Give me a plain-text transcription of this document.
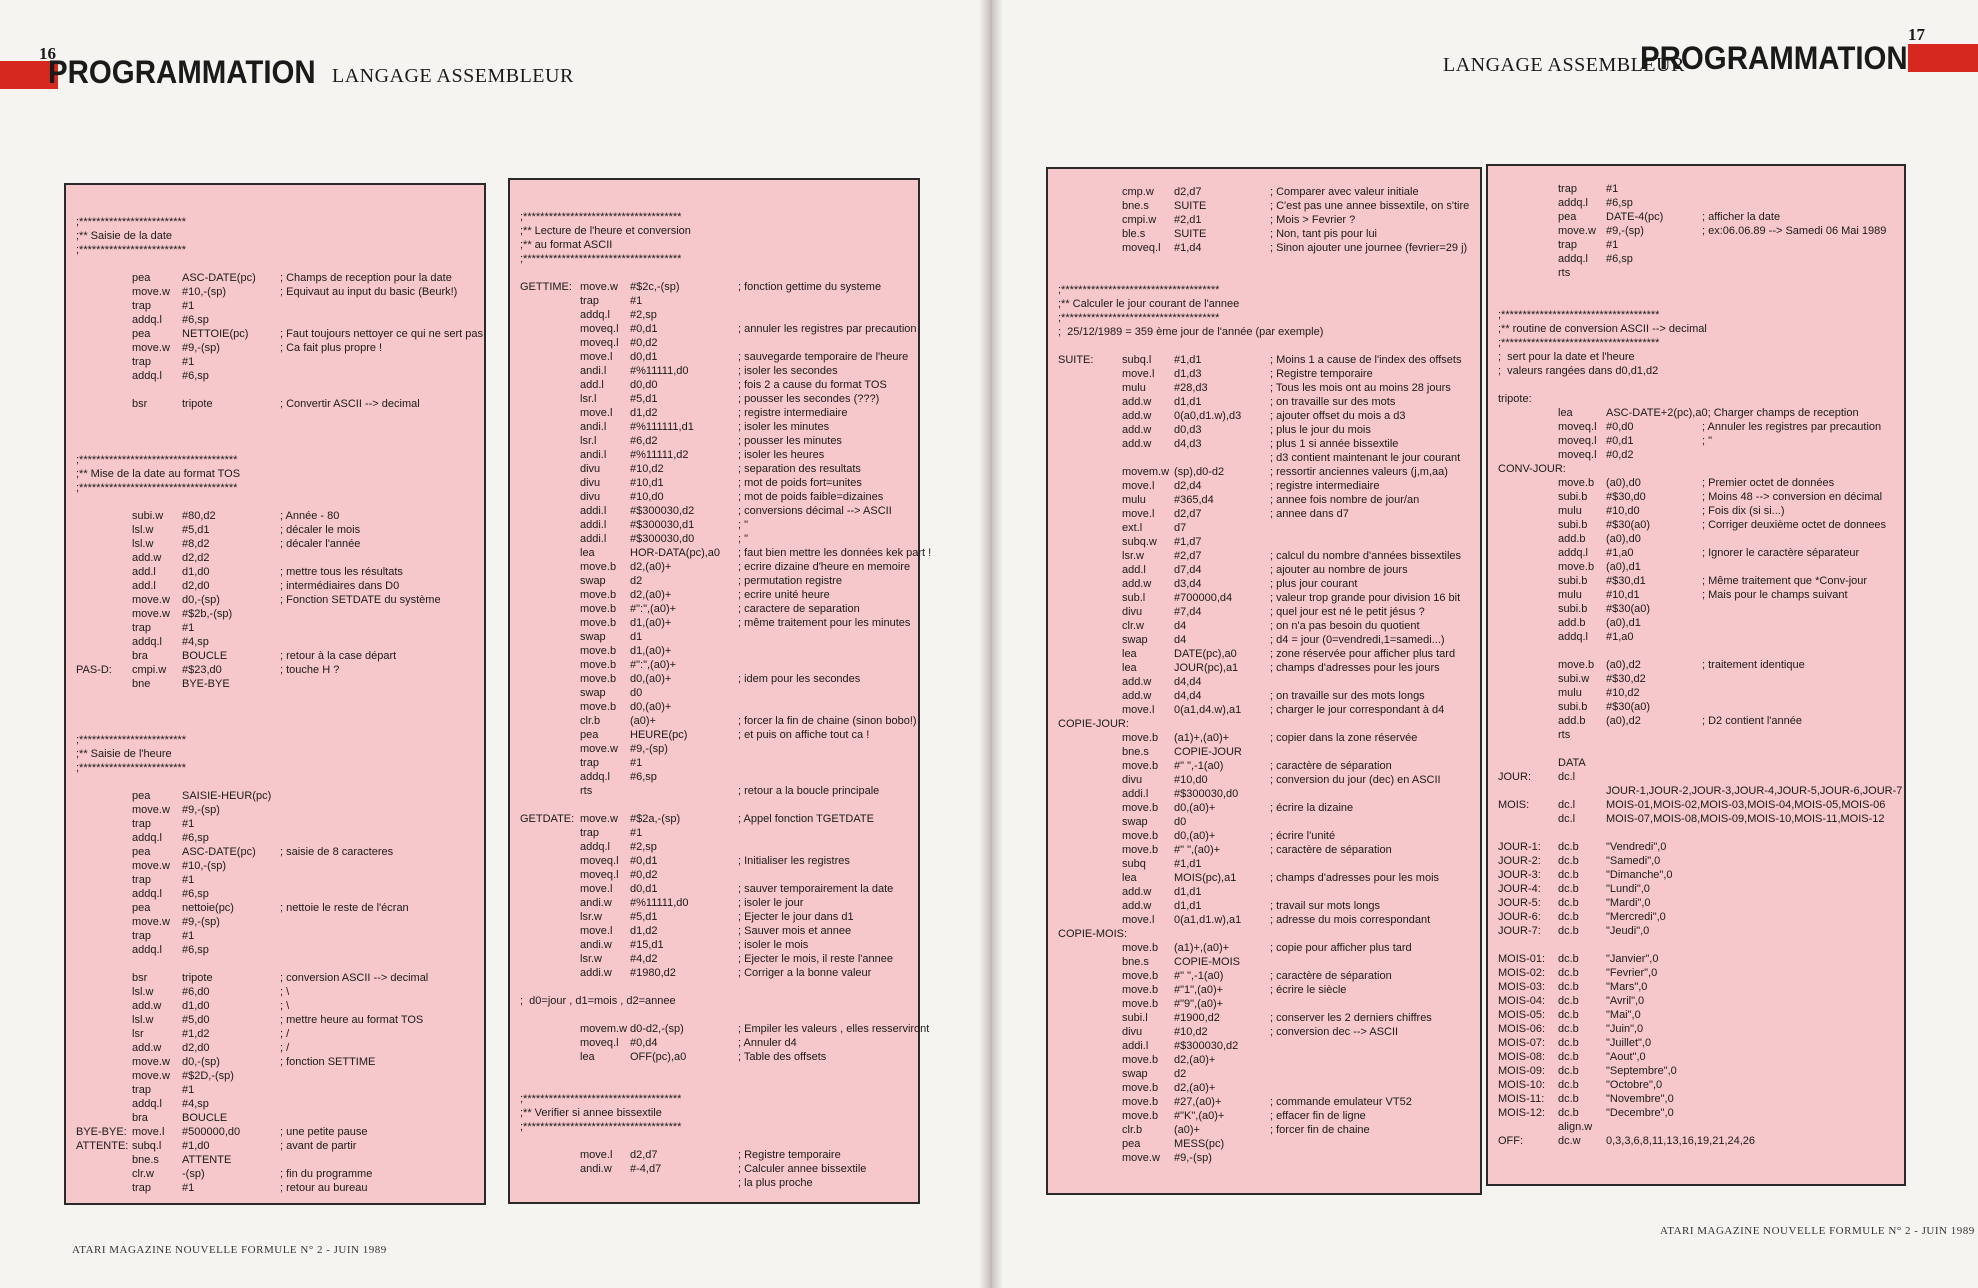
16
PROGRAMMATION LANGAGE ASSEMBLEUR	LANGAGE ASSEMBLEUR
PROGRAMMATION
17
;*************************
;** Saisie de la date
;*************************
pea	ASC-DATE(pc)	; Champs de reception pour la date
move.w	#10,-(sp)	; Equivaut au input du basic (Beurk!)
trap	#1
addq.l	#6,sp
pea	NETTOIE(pc)	; Faut toujours nettoyer ce qui ne sert pas
move.w	#9,-(sp)	; Ca fait plus propre !
trap	#1
addq.l	#6,sp
bsr	tripote	; Convertir ASCII --> decimal
;*************************************
;** Mise de la date au format TOS
;*************************************
subi.w	#80,d2	; Année - 80
lsl.w	#5,d1	; décaler le mois
lsl.w	#8,d2	; décaler l'année
add.w	d2,d2
add.l	d1,d0	; mettre tous les résultats
add.l	d2,d0	; intermédiaires dans D0
move.w	d0,-(sp)	; Fonction SETDATE du système
move.w	#$2b,-(sp)
trap	#1
addq.l	#4,sp
bra	BOUCLE	; retour à la case départ
PAS-D:	cmpi.w	#$23,d0	; touche H ?
bne	BYE-BYE
;*************************
;** Saisie de l'heure
;*************************
pea	SAISIE-HEUR(pc)
move.w	#9,-(sp)
trap	#1
addq.l	#6,sp
pea	ASC-DATE(pc)	; saisie de 8 caracteres
move.w	#10,-(sp)
trap	#1
addq.l	#6,sp
pea	nettoie(pc)	; nettoie le reste de l'écran
move.w	#9,-(sp)
trap	#1
addq.l	#6,sp
bsr	tripote	; conversion ASCII --> decimal
lsl.w	#6,d0	; \
add.w	d1,d0	; \
lsl.w	#5,d0	; mettre heure au format TOS
lsr	#1,d2	; /
add.w	d2,d0	; /
move.w	d0,-(sp)	; fonction SETTIME
move.w	#$2D,-(sp)
trap	#1
addq.l	#4,sp
bra	BOUCLE
BYE-BYE: move.l	#500000,d0	; une petite pause
ATTENTE: subq.l	#1,d0	; avant de partir
bne.s	ATTENTE
clr.w	-(sp)	; fin du programme
trap	#1	; retour au bureau
;*************************************
;** Lecture de l'heure et conversion
;** au format ASCII
;*************************************
GETTIME: move.w	#$2c,-(sp)	; fonction gettime du systeme
trap	#1
addq.l	#2,sp
moveq.l	#0,d1	; annuler les registres par precaution
moveq.l	#0,d2
move.l	d0,d1	; sauvegarde temporaire de l'heure
andi.l	#%11111,d0	; isoler les secondes
add.l	d0,d0	; fois 2 a cause du format TOS
lsr.l	#5,d1	; pousser les secondes (???)
move.l	d1,d2	; registre intermediaire
andi.l	#%111111,d1	; isoler les minutes
lsr.l	#6,d2	; pousser les minutes
andi.l	#%11111,d2	; isoler les heures
divu	#10,d2	; separation des resultats
divu	#10,d1	; mot de poids fort=unites
divu	#10,d0	; mot de poids faible=dizaines
addi.l	#$300030,d2	; conversions décimal --> ASCII
addi.l	#$300030,d1	; "
addi.l	#$300030,d0	; "
lea	HOR-DATA(pc),a0	; faut bien mettre les données kek part !
move.b	d2,(a0)+	; ecrire dizaine d'heure en memoire
swap	d2	; permutation registre
move.b	d2,(a0)+	; ecrire unité heure
move.b	#":",(a0)+	; caractere de separation
move.b	d1,(a0)+	; même traitement pour les minutes
swap	d1
move.b	d1,(a0)+
move.b	#":",(a0)+
move.b	d0,(a0)+	; idem pour les secondes
swap	d0
move.b	d0,(a0)+
clr.b	(a0)+	; forcer la fin de chaine (sinon bobo!)
pea	HEURE(pc)	; et puis on affiche tout ca !
move.w	#9,-(sp)
trap	#1
addq.l	#6,sp
rts	; retour a la boucle principale
GETDATE: move.w	#$2a,-(sp)	; Appel fonction TGETDATE
trap	#1
addq.l	#2,sp
moveq.l	#0,d1	; Initialiser les registres
moveq.l	#0,d2
move.l	d0,d1	; sauver temporairement la date
andi.w	#%11111,d0	; isoler le jour
lsr.w	#5,d1	; Ejecter le jour dans d1
move.l	d1,d2	; Sauver mois et annee
andi.w	#15,d1	; isoler le mois
lsr.w	#4,d2	; Ejecter le mois, il reste l'annee
addi.w	#1980,d2	; Corriger a la bonne valeur
;  d0=jour , d1=mois , d2=annee
movem.w d0-d2,-(sp)	; Empiler les valeurs , elles resserviront
moveq.l	#0,d4	; Annuler d4
lea	OFF(pc),a0	; Table des offsets
;*************************************
;** Verifier si annee bissextile
;*************************************
move.l	d2,d7	; Registre temporaire
andi.w	#-4,d7	; Calculer annee bissextile
; la plus proche
cmp.w	d2,d7	; Comparer avec valeur initiale
bne.s	SUITE	; C'est pas une annee bissextile, on s'tire
cmpi.w	#2,d1	; Mois > Fevrier ?
ble.s	SUITE	; Non, tant pis pour lui
moveq.l	#1,d4	; Sinon ajouter une journee (fevrier=29 j)
;*************************************
;** Calculer le jour courant de l'annee
;*************************************
;  25/12/1989 = 359 ème jour de l'année (par exemple)
SUITE:	subq.l	#1,d1	; Moins 1 a cause de l'index des offsets
move.l	d1,d3	; Registre temporaire
mulu	#28,d3	; Tous les mois ont au moins 28 jours
add.w	d1,d1	; on travaille sur des mots
add.w	0(a0,d1.w),d3	; ajouter offset du mois a d3
add.w	d0,d3	; plus le jour du mois
add.w	d4,d3	; plus 1 si année bissextile
; d3 contient maintenant le jour courant
movem.w (sp),d0-d2	; ressortir anciennes valeurs (j,m,aa)
move.l	d2,d4	; registre intermediaire
mulu	#365,d4	; annee fois nombre de jour/an
move.l	d2,d7	; annee dans d7
ext.l	d7
subq.w	#1,d7
lsr.w	#2,d7	; calcul du nombre d'années bissextiles
add.l	d7,d4	; ajouter au nombre de jours
add.w	d3,d4	; plus jour courant
sub.l	#700000,d4	; valeur trop grande pour division 16 bit
divu	#7,d4	; quel jour est né le petit jésus ?
clr.w	d4	; on n'a pas besoin du quotient
swap	d4	; d4 = jour (0=vendredi,1=samedi...)
lea	DATE(pc),a0	; zone réservée pour afficher plus tard
lea	JOUR(pc),a1	; champs d'adresses pour les jours
add.w	d4,d4
add.w	d4,d4	; on travaille sur des mots longs
move.l	0(a1,d4.w),a1	; charger le jour correspondant à d4
COPIE-JOUR:
move.b	(a1)+,(a0)+	; copier dans la zone réservée
bne.s	COPIE-JOUR
move.b	#" ",-1(a0)	; caractère de séparation
divu	#10,d0	; conversion du jour (dec) en ASCII
addi.l	#$300030,d0
move.b	d0,(a0)+	; écrire la dizaine
swap	d0
move.b	d0,(a0)+	; écrire l'unité
move.b	#" ",(a0)+	; caractère de séparation
subq	#1,d1
lea	MOIS(pc),a1	; champs d'adresses pour les mois
add.w	d1,d1
add.w	d1,d1	; travail sur mots longs
move.l	0(a1,d1.w),a1	; adresse du mois correspondant
COPIE-MOIS:
move.b	(a1)+,(a0)+	; copie pour afficher plus tard
bne.s	COPIE-MOIS
move.b	#" ",-1(a0)	; caractère de séparation
move.b	#"1",(a0)+	; écrire le siècle
move.b	#"9",(a0)+
subi.l	#1900,d2	; conserver les 2 derniers chiffres
divu	#10,d2	; conversion dec --> ASCII
addi.l	#$300030,d2
move.b	d2,(a0)+
swap	d2
move.b	d2,(a0)+
move.b	#27,(a0)+	; commande emulateur VT52
move.b	#"K",(a0)+	; effacer fin de ligne
clr.b	(a0)+	; forcer fin de chaine
pea	MESS(pc)
move.w	#9,-(sp)
trap	#1
addq.l	#6,sp
pea	DATE-4(pc)	; afficher la date
move.w #9,-(sp)	; ex:06.06.89 --> Samedi 06 Mai 1989
trap	#1
addq.l	#6,sp
rts
;*************************************
;** routine de conversion ASCII --> decimal
;*************************************
;  sert pour la date et l'heure
;  valeurs rangées dans d0,d1,d2
tripote:
lea	ASC-DATE+2(pc),a0 ; Charger champs de reception
moveq.l #0,d0	; Annuler les registres par precaution
moveq.l #0,d1	; "
moveq.l #0,d2
CONV-JOUR:
move.b	(a0),d0	; Premier octet de données
subi.b	#$30,d0	; Moins 48 --> conversion en décimal
mulu	#10,d0	; Fois dix (si si...)
subi.b	#$30(a0)	; Corriger deuxième octet de donnees
add.b	(a0),d0
addq.l	#1,a0	; Ignorer le caractère séparateur
move.b	(a0),d1
subi.b	#$30,d1	; Même traitement que *Conv-jour
mulu	#10,d1	; Mais pour le champs suivant
subi.b	#$30(a0)
add.b	(a0),d1
addq.l	#1,a0
move.b	(a0),d2	; traitement identique
subi.w	#$30,d2
mulu	#10,d2
subi.b	#$30(a0)
add.b	(a0),d2	; D2 contient l'année
rts
DATA
JOUR:	dc.l
JOUR-1,JOUR-2,JOUR-3,JOUR-4,JOUR-5,JOUR-6,JOUR-7
MOIS:	dc.l	MOIS-01,MOIS-02,MOIS-03,MOIS-04,MOIS-05,MOIS-06
dc.l	MOIS-07,MOIS-08,MOIS-09,MOIS-10,MOIS-11,MOIS-12
JOUR-1:	dc.b	"Vendredi",0
JOUR-2:	dc.b	"Samedi",0
JOUR-3:	dc.b	"Dimanche",0
JOUR-4:	dc.b	"Lundi",0
JOUR-5:	dc.b	"Mardi",0
JOUR-6:	dc.b	"Mercredi",0
JOUR-7:	dc.b	"Jeudi",0
MOIS-01:	dc.b	"Janvier",0
MOIS-02:	dc.b	"Fevrier",0
MOIS-03:	dc.b	"Mars",0
MOIS-04:	dc.b	"Avril",0
MOIS-05:	dc.b	"Mai",0
MOIS-06:	dc.b	"Juin",0
MOIS-07:	dc.b	"Juillet",0
MOIS-08:	dc.b	"Aout",0
MOIS-09:	dc.b	"Septembre",0
MOIS-10:	dc.b	"Octobre",0
MOIS-11:	dc.b	"Novembre",0
MOIS-12:	dc.b	"Decembre",0
align.w
OFF:	dc.w	0,3,3,6,8,11,13,16,19,21,24,26
ATARI MAGAZINE NOUVELLE FORMULE N° 2 - JUIN 1989
ATARI MAGAZINE NOUVELLE FORMULE N° 2 - JUIN 1989
